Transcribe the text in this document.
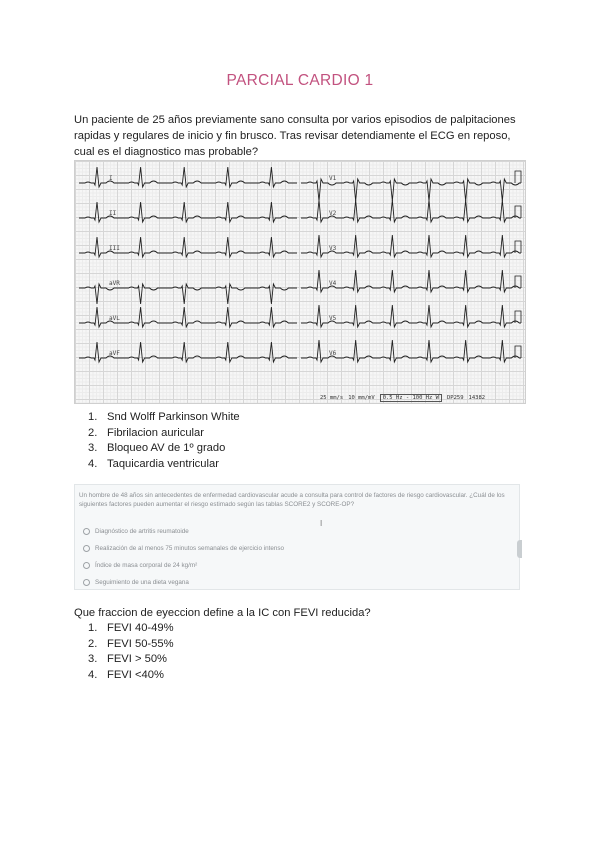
PARCIAL CARDIO 1
Un paciente de 25 años previamente sano consulta por varios episodios de palpitaciones rapidas y regulares de inicio y fin brusco. Tras revisar detendiamente el ECG en reposo, cual es el diagnostico mas probable?
I
II
III
aVR
aVL
aVF
V1
V2
V3
V4
V5
V6
25 mm/s 10 mm/mV	0.5 Hz - 100 Hz W	DP259 14382
1. Snd Wolff Parkinson White
2. Fibrilacion auricular
3. Bloqueo AV de 1º grado
4. Taquicardia ventricular
Un hombre de 48 años sin antecedentes de enfermedad cardiovascular acude a consulta para control de factores de riesgo cardiovascular. ¿Cuál de los siguientes factores pueden aumentar el riesgo estimado según las tablas SCORE2 y SCORE-OP?
I
Diagnóstico de artritis reumatoide
Realización de al menos 75 minutos semanales de ejercicio intenso
Índice de masa corporal de 24 kg/m²
Seguimiento de una dieta vegana
Que fraccion de eyeccion define a la IC con FEVI reducida?
1. FEVI 40-49%
2. FEVI 50-55%
3. FEVI > 50%
4. FEVI <40%
